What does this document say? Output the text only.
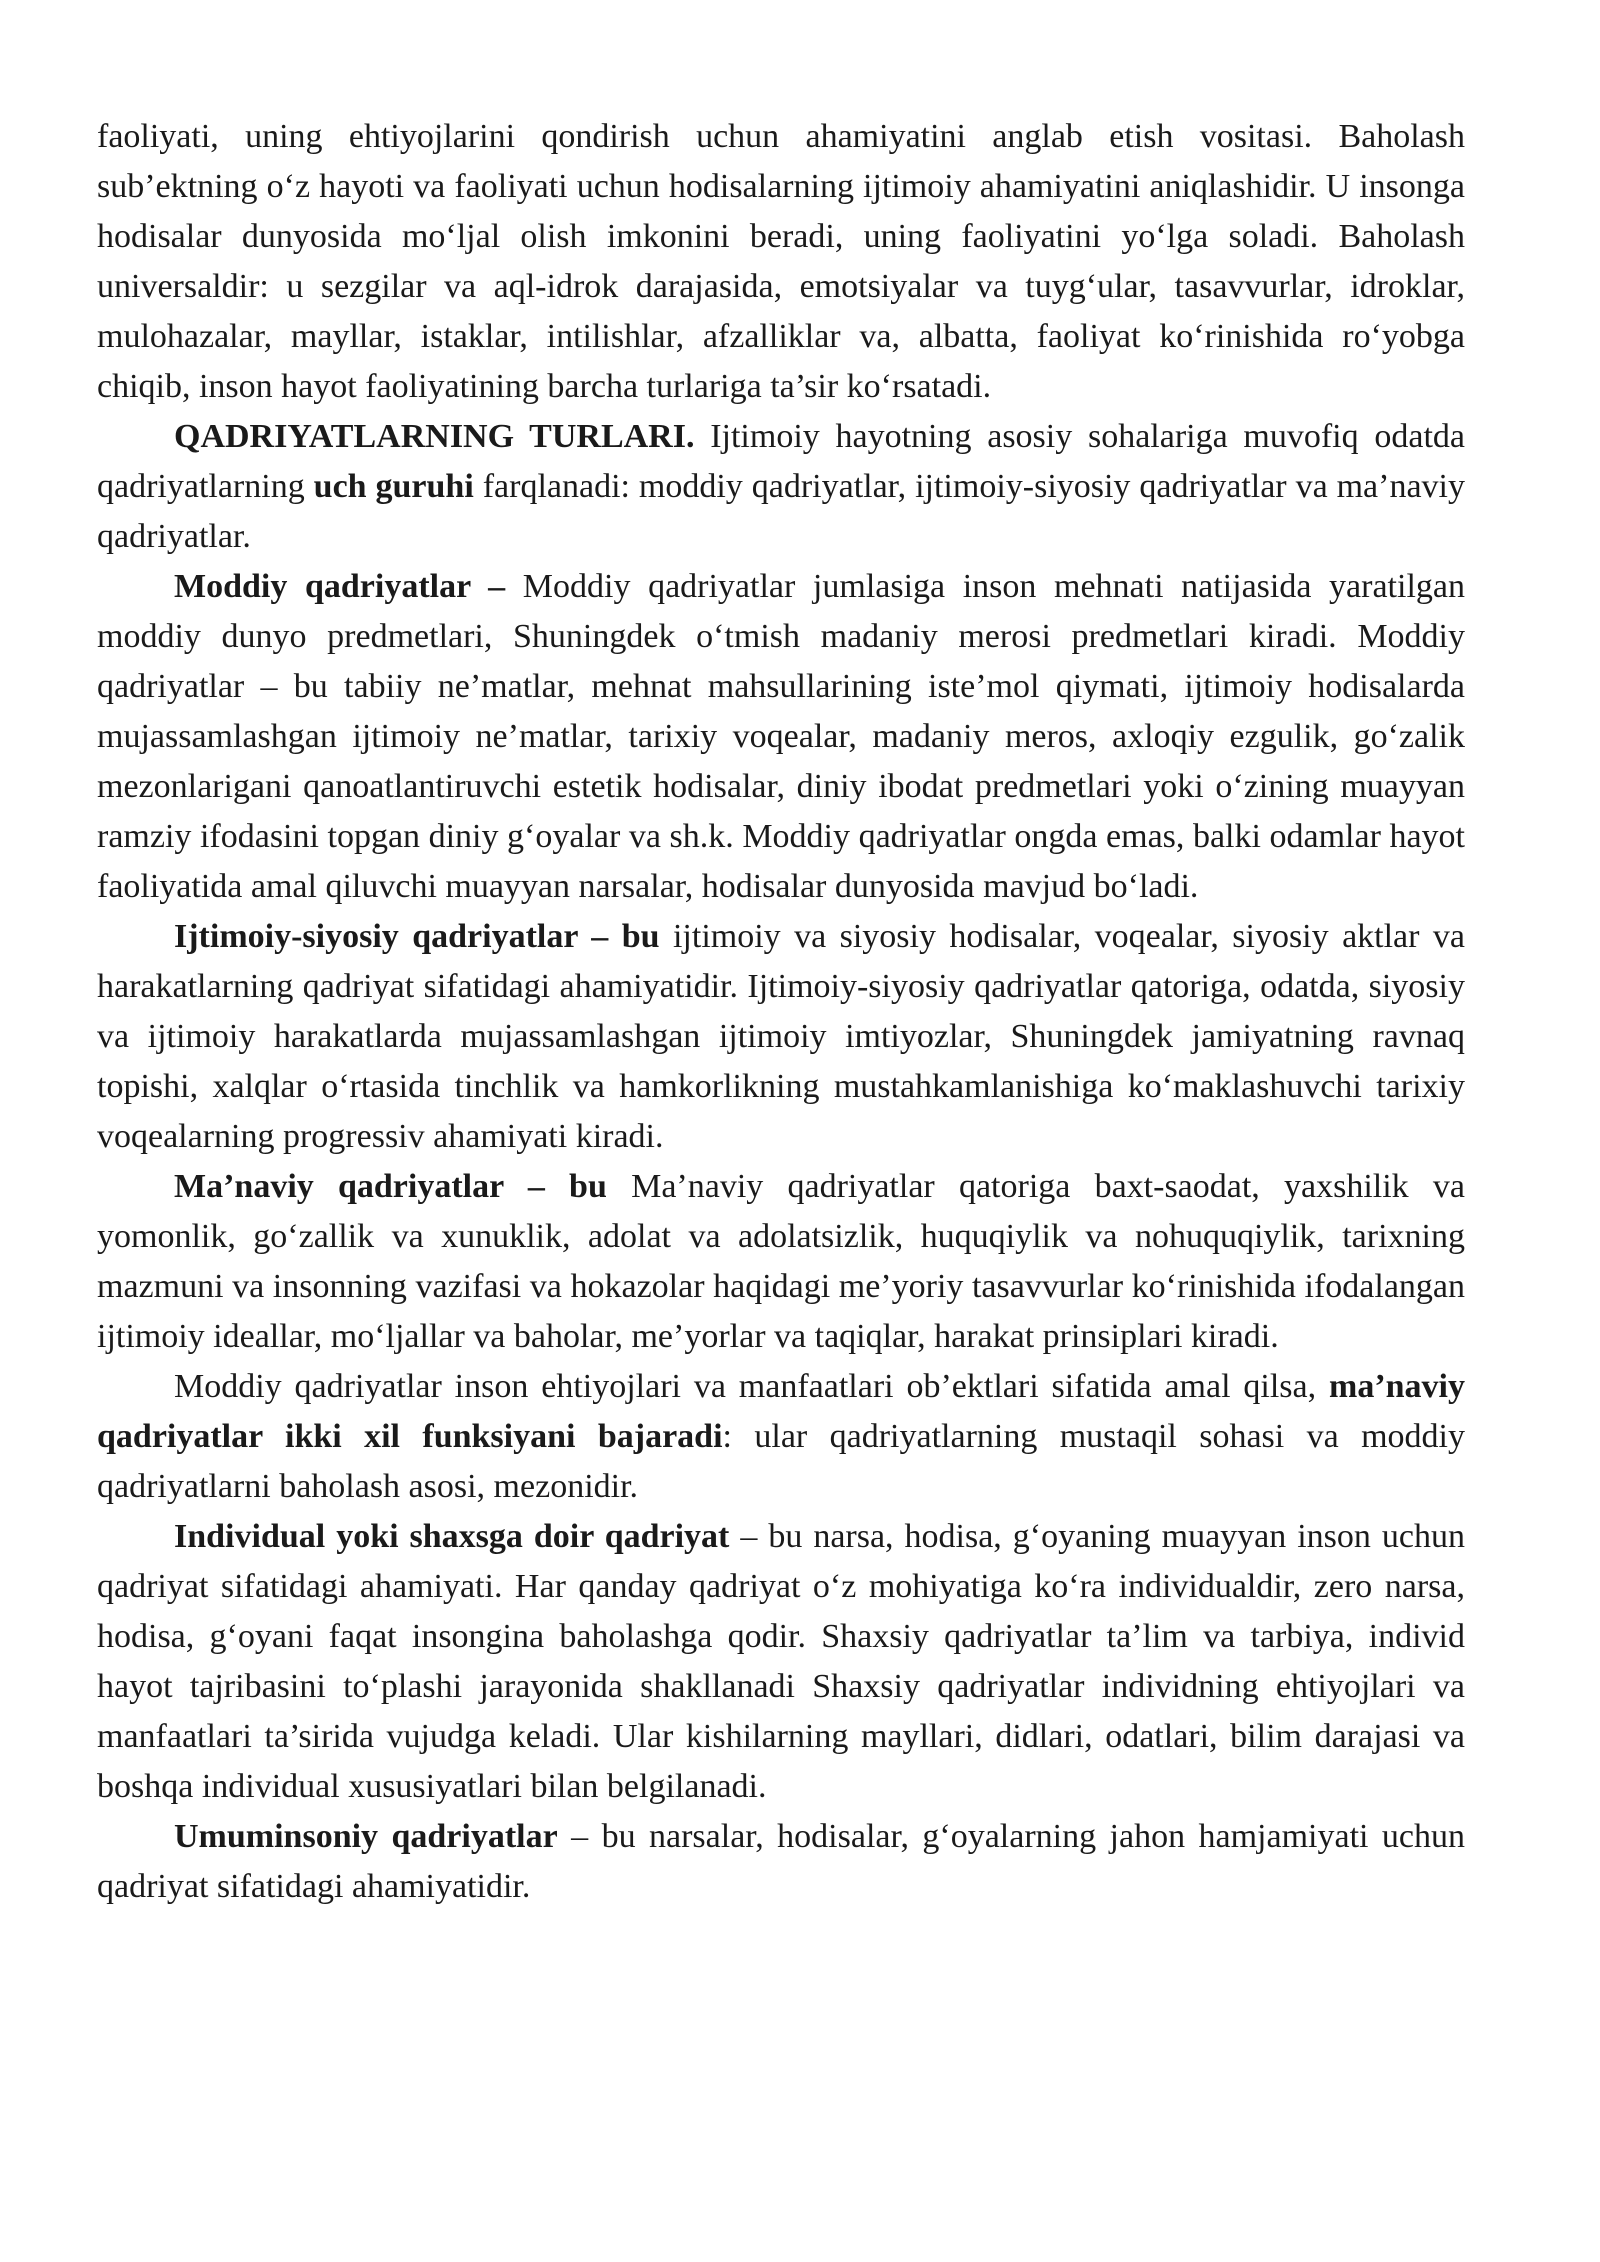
faoliyati, uning ehtiyojlarini qondirish uchun ahamiyatini anglab etish vositasi. Baholash sub’ektning o‘z hayoti va faoliyati uchun hodisalarning ijtimoiy ahamiyatini aniqlashidir. U insonga hodisalar dunyosida mo‘ljal olish imkonini beradi, uning faoliyatini yo‘lga soladi. Baholash universaldir: u sezgilar va aql-idrok darajasida, emotsiyalar va tuyg‘ular, tasavvurlar, idroklar, mulohazalar, mayllar, istaklar, intilishlar, afzalliklar va, albatta, faoliyat ko‘rinishida ro‘yobga chiqib, inson hayot faoliyatining barcha turlariga ta’sir ko‘rsatadi.

QADRIYATLARNING TURLARI. Ijtimoiy hayotning asosiy sohalariga muvofiq odatda qadriyatlarning uch guruhi farqlanadi: moddiy qadriyatlar, ijtimoiy-siyosiy qadriyatlar va ma’naviy qadriyatlar.

Moddiy qadriyatlar – Moddiy qadriyatlar jumlasiga inson mehnati natijasida yaratilgan moddiy dunyo predmetlari, Shuningdek o‘tmish madaniy merosi predmetlari kiradi. Moddiy qadriyatlar – bu tabiiy ne’matlar, mehnat mahsullarining iste’mol qiymati, ijtimoiy hodisalarda mujassamlashgan ijtimoiy ne’matlar, tarixiy voqealar, madaniy meros, axloqiy ezgulik, go‘zalik mezonlarigani qanoatlantiruvchi estetik hodisalar, diniy ibodat predmetlari yoki o‘zining muayyan ramziy ifodasini topgan diniy g‘oyalar va sh.k. Moddiy qadriyatlar ongda emas, balki odamlar hayot faoliyatida amal qiluvchi muayyan narsalar, hodisalar dunyosida mavjud bo‘ladi.

Ijtimoiy-siyosiy qadriyatlar – bu ijtimoiy va siyosiy hodisalar, voqealar, siyosiy aktlar va harakatlarning qadriyat sifatidagi ahamiyatidir. Ijtimoiy-siyosiy qadriyatlar qatoriga, odatda, siyosiy va ijtimoiy harakatlarda mujassamlashgan ijtimoiy imtiyozlar, Shuningdek jamiyatning ravnaq topishi, xalqlar o‘rtasida tinchlik va hamkorlikning mustahkamlanishiga ko‘maklashuvchi tarixiy voqealarning progressiv ahamiyati kiradi.

Ma’naviy qadriyatlar – bu Ma’naviy qadriyatlar qatoriga baxt-saodat, yaxshilik va yomonlik, go‘zallik va xunuklik, adolat va adolatsizlik, huquqiylik va nohuquqiylik, tarixning mazmuni va insonning vazifasi va hokazolar haqidagi me’yoriy tasavvurlar ko‘rinishida ifodalangan ijtimoiy ideallar, mo‘ljallar va baholar, me’yorlar va taqiqlar, harakat prinsiplari kiradi.

Moddiy qadriyatlar inson ehtiyojlari va manfaatlari ob’ektlari sifatida amal qilsa, ma’naviy qadriyatlar ikki xil funksiyani bajaradi: ular qadriyatlarning mustaqil sohasi va moddiy qadriyatlarni baholash asosi, mezonidir.

Individual yoki shaxsga doir qadriyat – bu narsa, hodisa, g‘oyaning muayyan inson uchun qadriyat sifatidagi ahamiyati. Har qanday qadriyat o‘z mohiyatiga ko‘ra individualdir, zero narsa, hodisa, g‘oyani faqat insongina baholashga qodir. Shaxsiy qadriyatlar ta’lim va tarbiya, individ hayot tajribasini to‘plashi jarayonida shakllanadi Shaxsiy qadriyatlar individning ehtiyojlari va manfaatlari ta’sirida vujudga keladi. Ular kishilarning mayllari, didlari, odatlari, bilim darajasi va boshqa individual xususiyatlari bilan belgilanadi.

Umuminsoniy qadriyatlar – bu narsalar, hodisalar, g‘oyalarning jahon hamjamiyati uchun qadriyat sifatidagi ahamiyatidir.
